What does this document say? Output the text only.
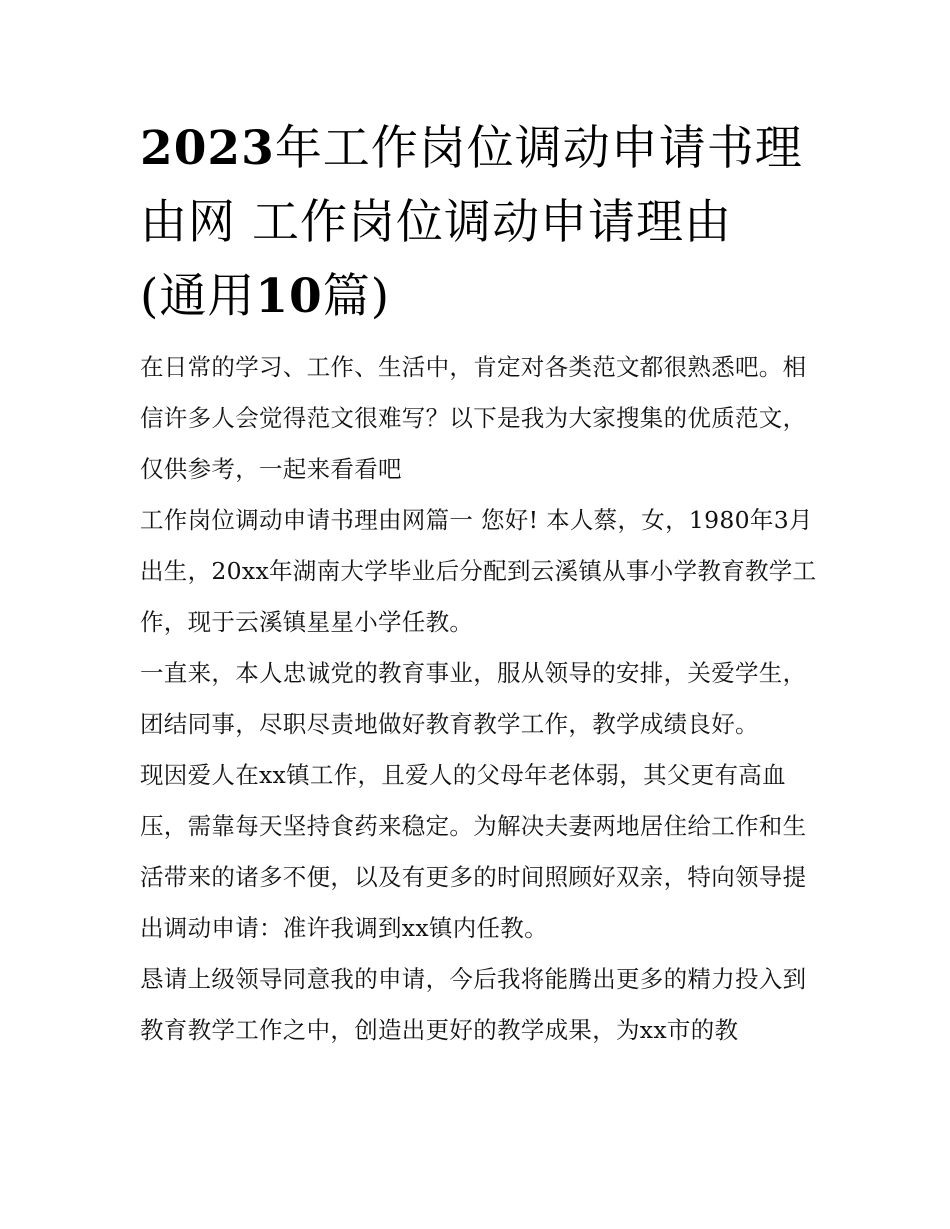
2023年工作岗位调动申请书理
由网 工作岗位调动申请理由
(通用10篇)

在日常的学习、工作、生活中，肯定对各类范文都很熟悉吧。相信许多人会觉得范文很难写？以下是我为大家搜集的优质范文，仅供参考，一起来看看吧

工作岗位调动申请书理由网篇一 您好! 本人蔡，女，1980年3月出生，20xx年湖南大学毕业后分配到云溪镇从事小学教育教学工作，现于云溪镇星星小学任教。

一直来，本人忠诚党的教育事业，服从领导的安排，关爱学生，团结同事，尽职尽责地做好教育教学工作，教学成绩良好。

现因爱人在xx镇工作，且爱人的父母年老体弱，其父更有高血压，需靠每天坚持食药来稳定。为解决夫妻两地居住给工作和生活带来的诸多不便，以及有更多的时间照顾好双亲，特向领导提出调动申请：准许我调到xx镇内任教。

恳请上级领导同意我的申请，今后我将能腾出更多的精力投入到教育教学工作之中，创造出更好的教学成果，为xx市的教
